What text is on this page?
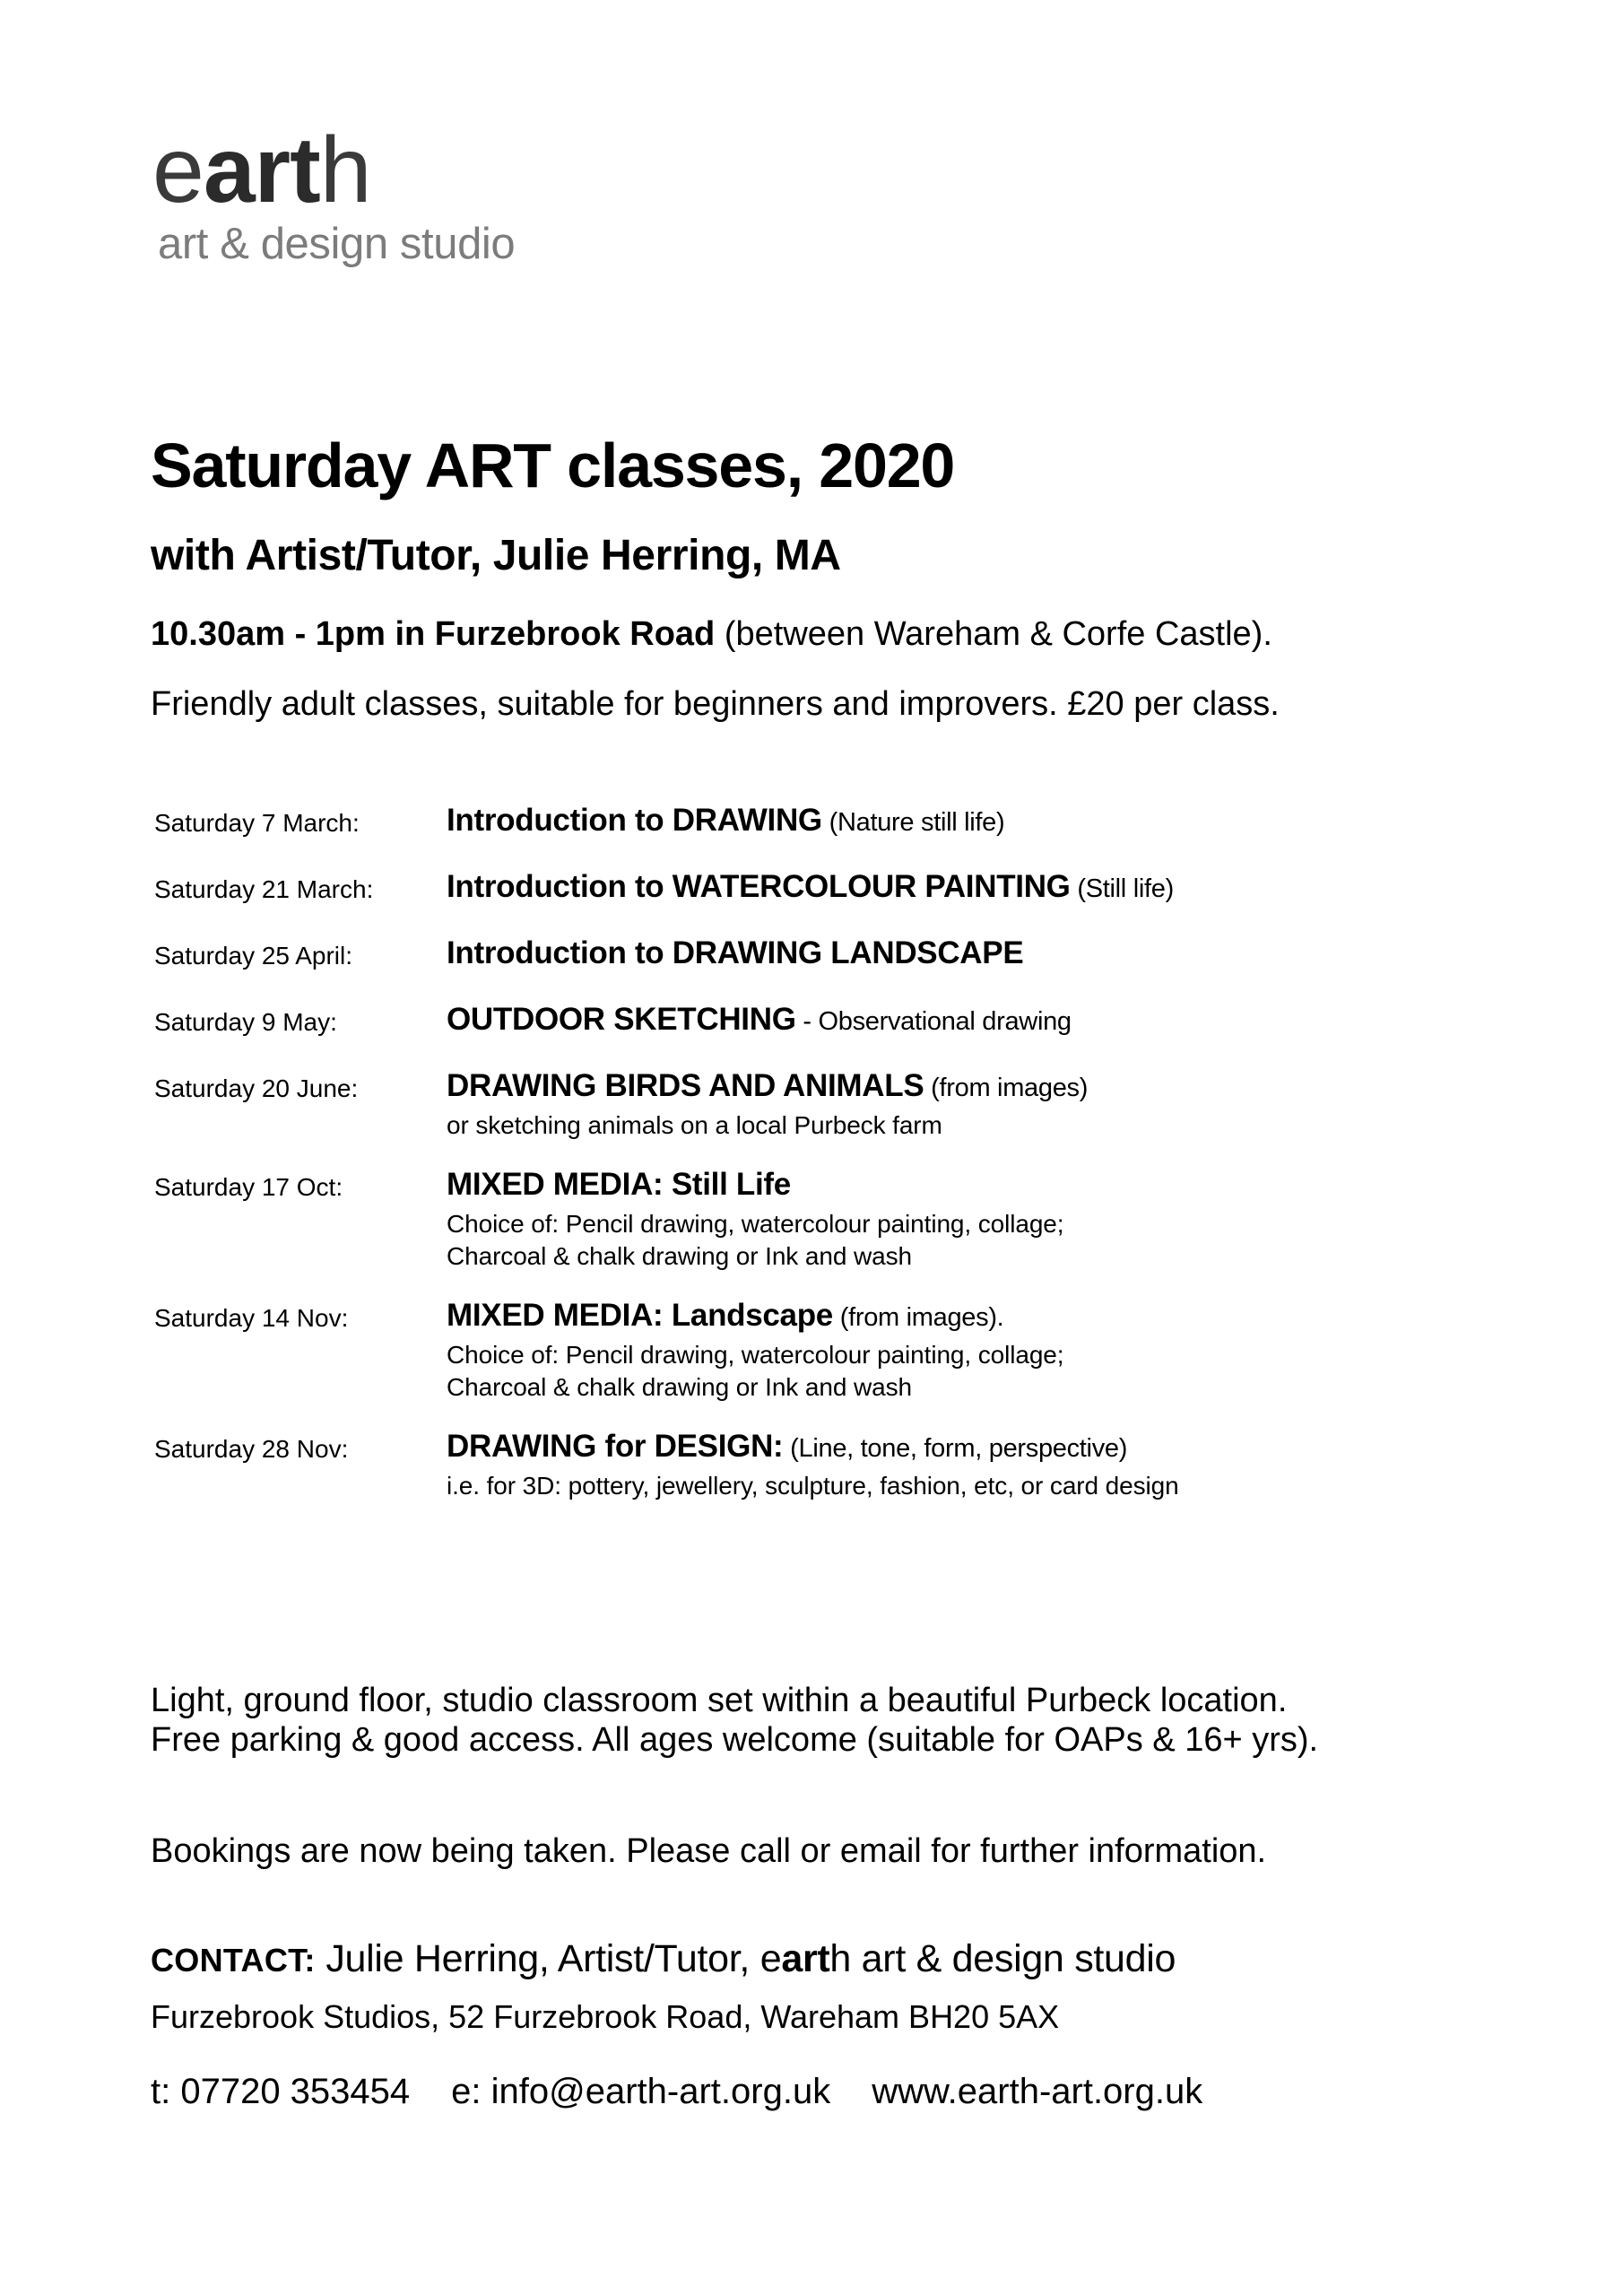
earth
art & design studio
Saturday ART classes, 2020
with Artist/Tutor, Julie Herring, MA
10.30am - 1pm in Furzebrook Road (between Wareham & Corfe Castle).
Friendly adult classes, suitable for beginners and improvers. £20 per class.
Saturday 7 March:	Introduction to DRAWING (Nature still life)
Saturday 21 March:	Introduction to WATERCOLOUR PAINTING (Still life)
Saturday 25 April:	Introduction to DRAWING LANDSCAPE
Saturday 9 May:	OUTDOOR SKETCHING - Observational drawing
Saturday 20 June:	DRAWING BIRDS AND ANIMALS (from images)
or sketching animals on a local Purbeck farm
Saturday 17 Oct:	MIXED MEDIA: Still Life
Choice of: Pencil drawing, watercolour painting, collage;
Charcoal & chalk drawing or Ink and wash
Saturday 14 Nov:	MIXED MEDIA: Landscape (from images).
Choice of: Pencil drawing, watercolour painting, collage;
Charcoal & chalk drawing or Ink and wash
Saturday 28 Nov:	DRAWING for DESIGN: (Line, tone, form, perspective)
i.e. for 3D: pottery, jewellery, sculpture, fashion, etc, or card design
Light, ground floor, studio classroom set within a beautiful Purbeck location.
Free parking & good access. All ages welcome (suitable for OAPs & 16+ yrs).
Bookings are now being taken. Please call or email for further information.
CONTACT: Julie Herring, Artist/Tutor, earth art & design studio
Furzebrook Studios, 52 Furzebrook Road, Wareham BH20 5AX
t: 07720 353454 e: info@earth-art.org.uk www.earth-art.org.uk
